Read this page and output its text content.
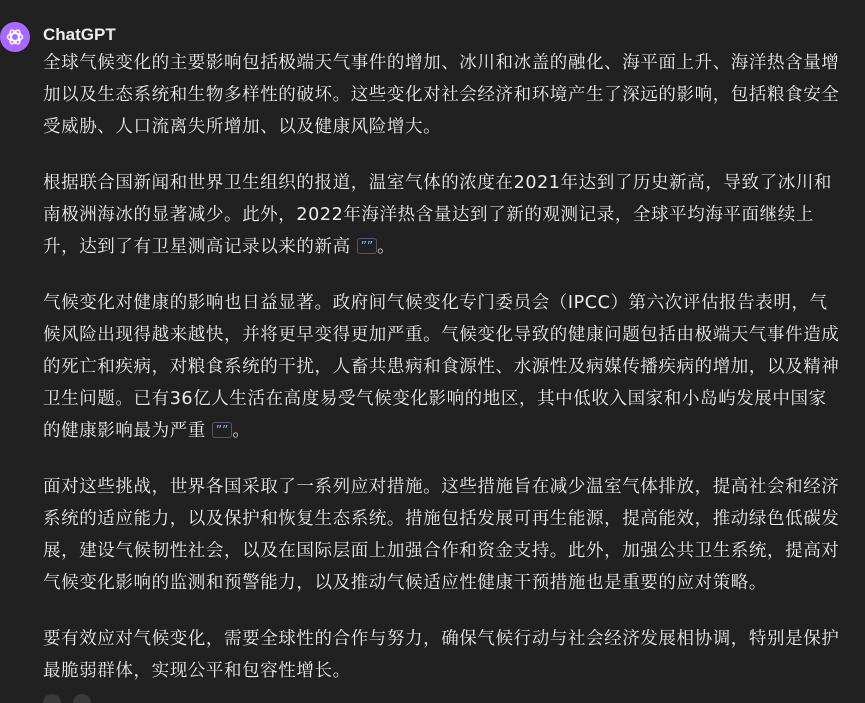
ChatGPT

全球气候变化的主要影响包括极端天气事件的增加、冰川和冰盖的融化、海平面上升、海洋热含量增加以及生态系统和生物多样性的破坏。这些变化对社会经济和环境产生了深远的影响，包括粮食安全受威胁、人口流离失所增加、以及健康风险增大。

根据联合国新闻和世界卫生组织的报道，温室气体的浓度在2021年达到了历史新高，导致了冰川和南极洲海冰的显著减少。此外，2022年海洋热含量达到了新的观测记录，全球平均海平面继续上升，达到了有卫星测高记录以来的新高 ”” 。

气候变化对健康的影响也日益显著。政府间气候变化专门委员会（IPCC）第六次评估报告表明，气候风险出现得越来越快，并将更早变得更加严重。气候变化导致的健康问题包括由极端天气事件造成的死亡和疾病，对粮食系统的干扰，人畜共患病和食源性、水源性及病媒传播疾病的增加，以及精神卫生问题。已有36亿人生活在高度易受气候变化影响的地区，其中低收入国家和小岛屿发展中国家的健康影响最为严重 ”” 。

面对这些挑战，世界各国采取了一系列应对措施。这些措施旨在减少温室气体排放，提高社会和经济系统的适应能力，以及保护和恢复生态系统。措施包括发展可再生能源，提高能效，推动绿色低碳发展，建设气候韧性社会，以及在国际层面上加强合作和资金支持。此外，加强公共卫生系统，提高对气候变化影响的监测和预警能力，以及推动气候适应性健康干预措施也是重要的应对策略。

要有效应对气候变化，需要全球性的合作与努力，确保气候行动与社会经济发展相协调，特别是保护最脆弱群体，实现公平和包容性增长。
